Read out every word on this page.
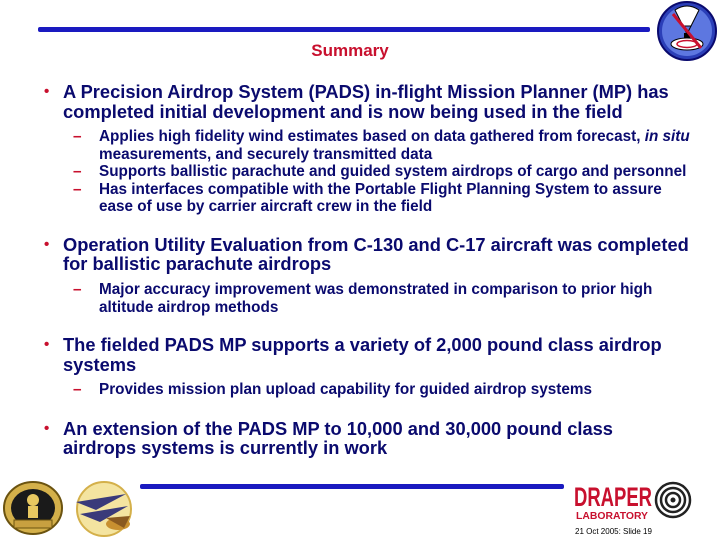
Summary
• A Precision Airdrop System (PADS) in-flight Mission Planner (MP) has completed initial development and is now being used in the field
– Applies high fidelity wind estimates based on data gathered from forecast, in situ measurements, and securely transmitted data
– Supports ballistic parachute and guided system airdrops of cargo and personnel
– Has interfaces compatible with the Portable Flight Planning System to assure ease of use by carrier aircraft crew in the field
• Operation Utility Evaluation from C-130 and C-17 aircraft was completed for ballistic parachute airdrops
– Major accuracy improvement was demonstrated in comparison to prior high altitude airdrop methods
• The fielded PADS MP supports a variety of 2,000 pound class airdrop systems
– Provides mission plan upload capability for guided airdrop systems
• An extension of the PADS MP to 10,000 and 30,000 pound class airdrops systems is currently in work
DRAPER
LABORATORY
21 Oct 2005: Slide 19
